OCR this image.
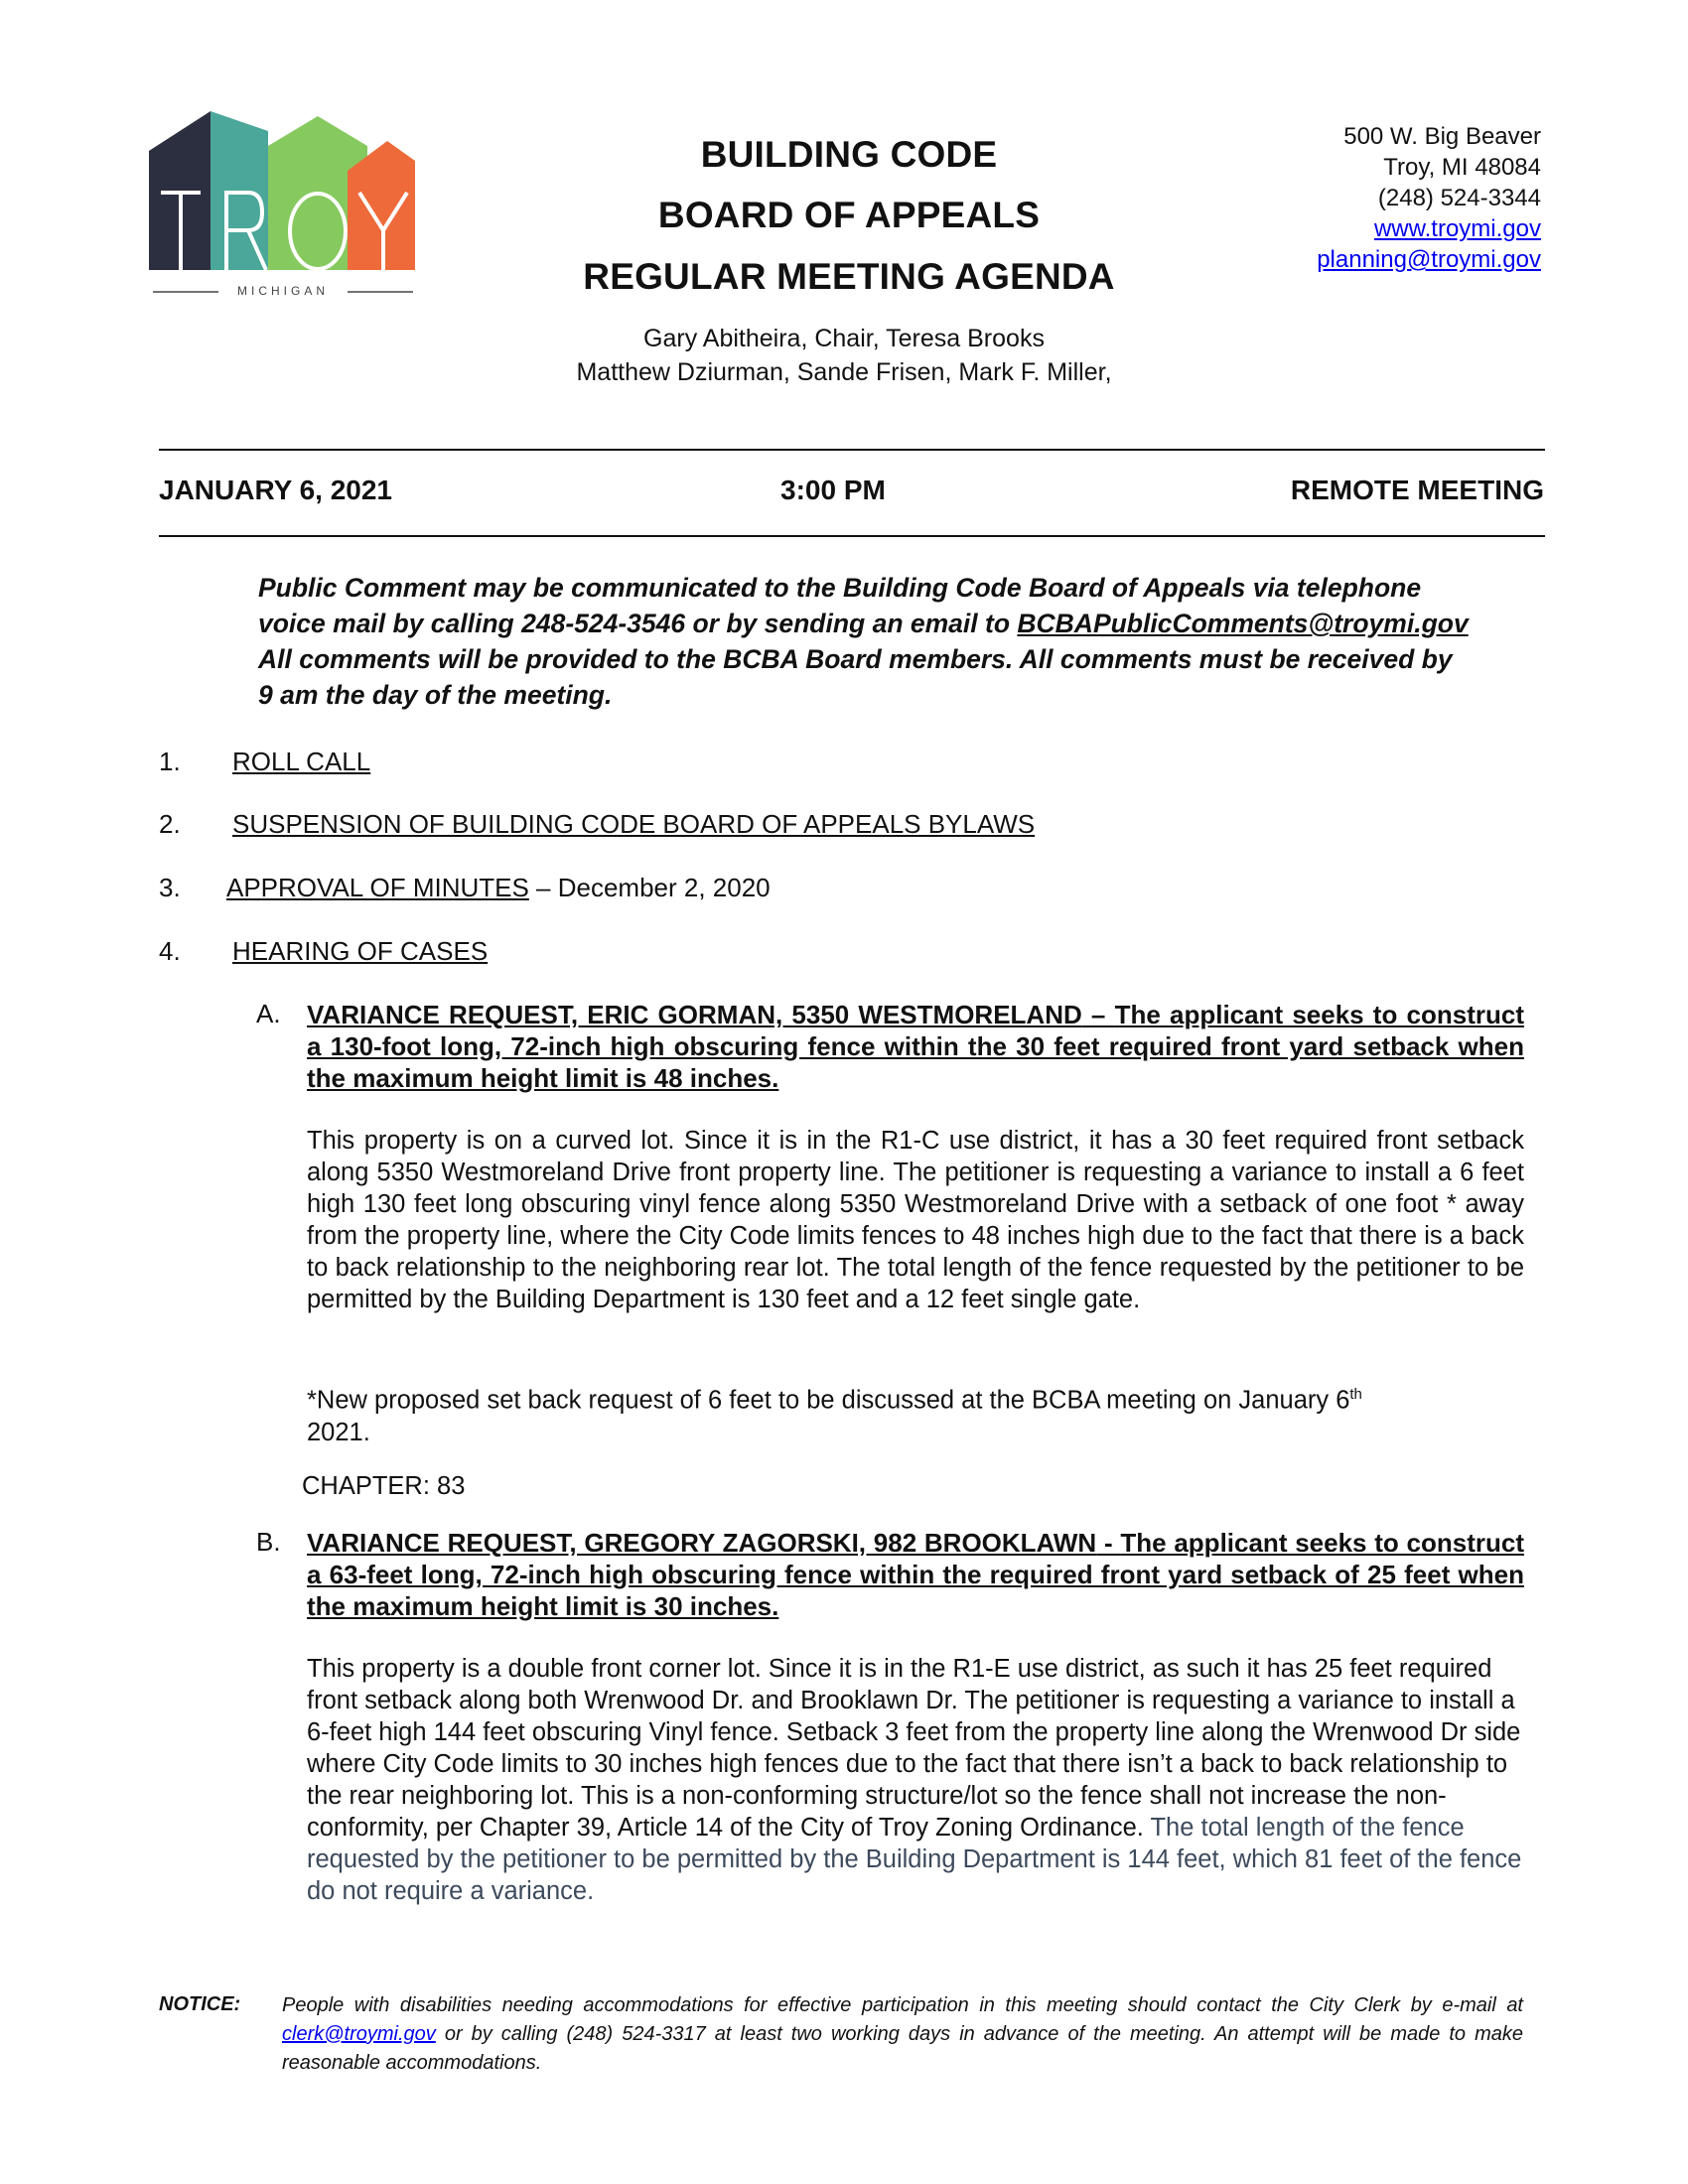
MICHIGAN
BUILDING CODE
BOARD OF APPEALS
REGULAR MEETING AGENDA
Gary Abitheira, Chair, Teresa Brooks
Matthew Dziurman, Sande Frisen, Mark F. Miller,
500 W. Big Beaver
Troy, MI 48084
(248) 524-3344
www.troymi.gov
planning@troymi.gov
JANUARY 6, 2021	3:00 PM	REMOTE MEETING
Public Comment may be communicated to the Building Code Board of Appeals via telephone
voice mail by calling 248-524-3546 or by sending an email to BCBAPublicComments@troymi.gov
All comments will be provided to the BCBA Board members. All comments must be received by
9 am the day of the meeting.
1. ROLL CALL
2. SUSPENSION OF BUILDING CODE BOARD OF APPEALS BYLAWS
3. APPROVAL OF MINUTES – December 2, 2020
4. HEARING OF CASES
A. VARIANCE REQUEST, ERIC GORMAN, 5350 WESTMORELAND – The applicant seeks to construct a 130-foot long, 72-inch high obscuring fence within the 30 feet required front yard setback when the maximum height limit is 48 inches.
This property is on a curved lot. Since it is in the R1-C use district, it has a 30 feet required front setback along 5350 Westmoreland Drive front property line. The petitioner is requesting a variance to install a 6 feet high 130 feet long obscuring vinyl fence along 5350 Westmoreland Drive with a setback of one foot * away from the property line, where the City Code limits fences to 48 inches high due to the fact that there is a back to back relationship to the neighboring rear lot. The total length of the fence requested by the petitioner to be permitted by the Building Department is 130 feet and a 12 feet single gate.
*New proposed set back request of 6 feet to be discussed at the BCBA meeting on January 6th
2021.
CHAPTER: 83
B. VARIANCE REQUEST, GREGORY ZAGORSKI, 982 BROOKLAWN - The applicant seeks to construct a 63-feet long, 72-inch high obscuring fence within the required front yard setback of 25 feet when the maximum height limit is 30 inches.
This property is a double front corner lot. Since it is in the R1-E use district, as such it has 25 feet required front setback along both Wrenwood Dr. and Brooklawn Dr. The petitioner is requesting a variance to install a 6-feet high 144 feet obscuring Vinyl fence. Setback 3 feet from the property line along the Wrenwood Dr side where City Code limits to 30 inches high fences due to the fact that there isn’t a back to back relationship to the rear neighboring lot. This is a non-conforming structure/lot so the fence shall not increase the non-conformity, per Chapter 39, Article 14 of the City of Troy Zoning Ordinance. The total length of the fence requested by the petitioner to be permitted by the Building Department is 144 feet, which 81 feet of the fence do not require a variance.
NOTICE: People with disabilities needing accommodations for effective participation in this meeting should contact the City Clerk by e-mail at clerk@troymi.gov or by calling (248) 524-3317 at least two working days in advance of the meeting. An attempt will be made to make reasonable accommodations.
